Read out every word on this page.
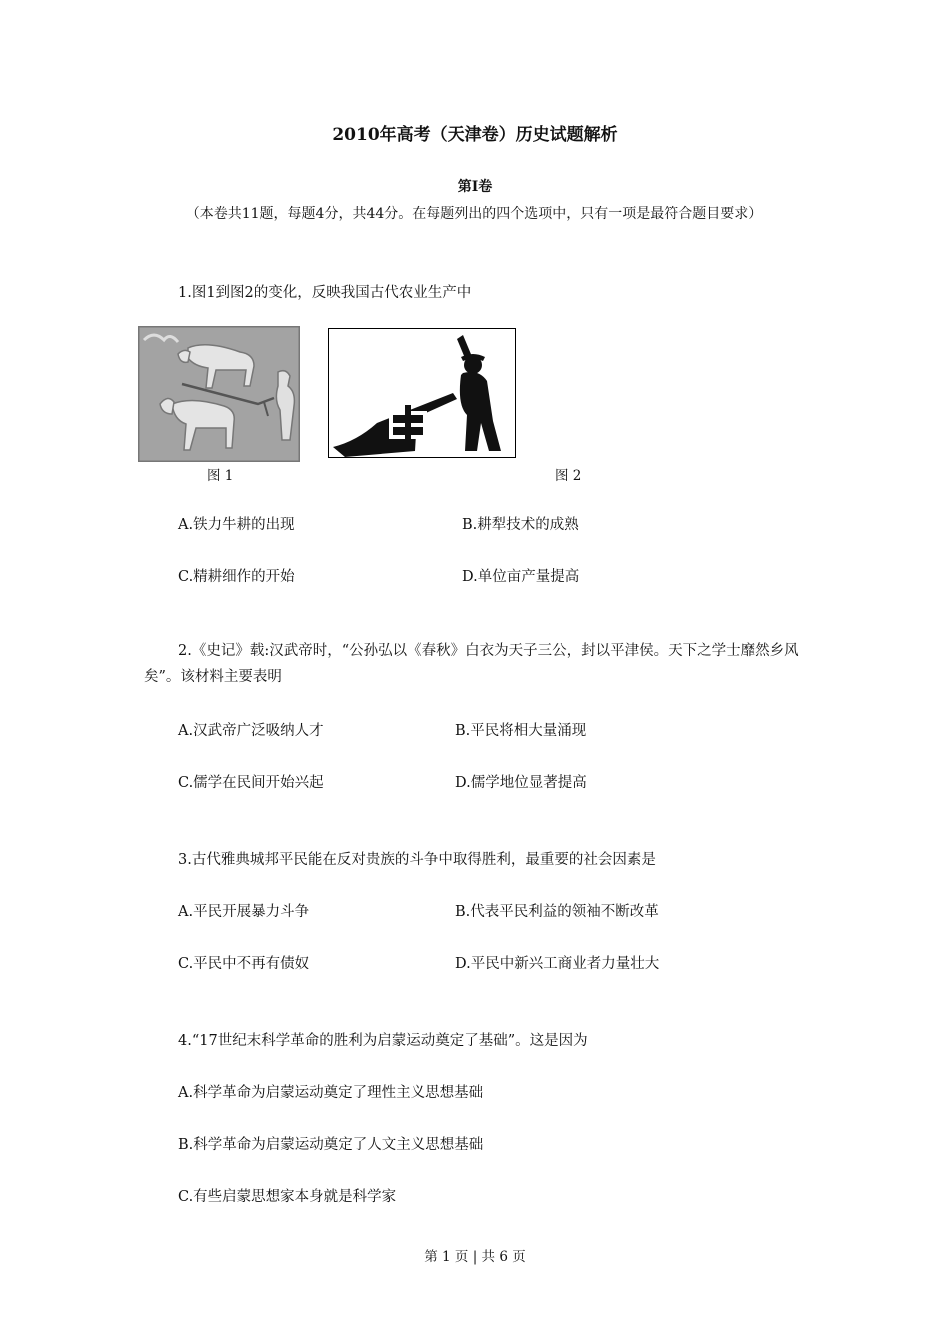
2010年高考（天津卷）历史试题解析
第Ⅰ卷
（本卷共11题，每题4分，共44分。在每题列出的四个选项中，只有一项是最符合题目要求）
1.图1到图2的变化，反映我国古代农业生产中
图 1	图 2
A.铁力牛耕的出现	B.耕犁技术的成熟
C.精耕细作的开始	D.单位亩产量提高
2.《史记》载:汉武帝时，“公孙弘以《春秋》白衣为天子三公，封以平津侯。天下之学士靡然乡风矣”。该材料主要表明
A.汉武帝广泛吸纳人才	B.平民将相大量涌现
C.儒学在民间开始兴起	D.儒学地位显著提高
3.古代雅典城邦平民能在反对贵族的斗争中取得胜利，最重要的社会因素是
A.平民开展暴力斗争	B.代表平民利益的领袖不断改革
C.平民中不再有债奴	D.平民中新兴工商业者力量壮大
4.“17世纪末科学革命的胜利为启蒙运动奠定了基础”。这是因为
A.科学革命为启蒙运动奠定了理性主义思想基础
B.科学革命为启蒙运动奠定了人文主义思想基础
C.有些启蒙思想家本身就是科学家
第 1 页 | 共 6 页
